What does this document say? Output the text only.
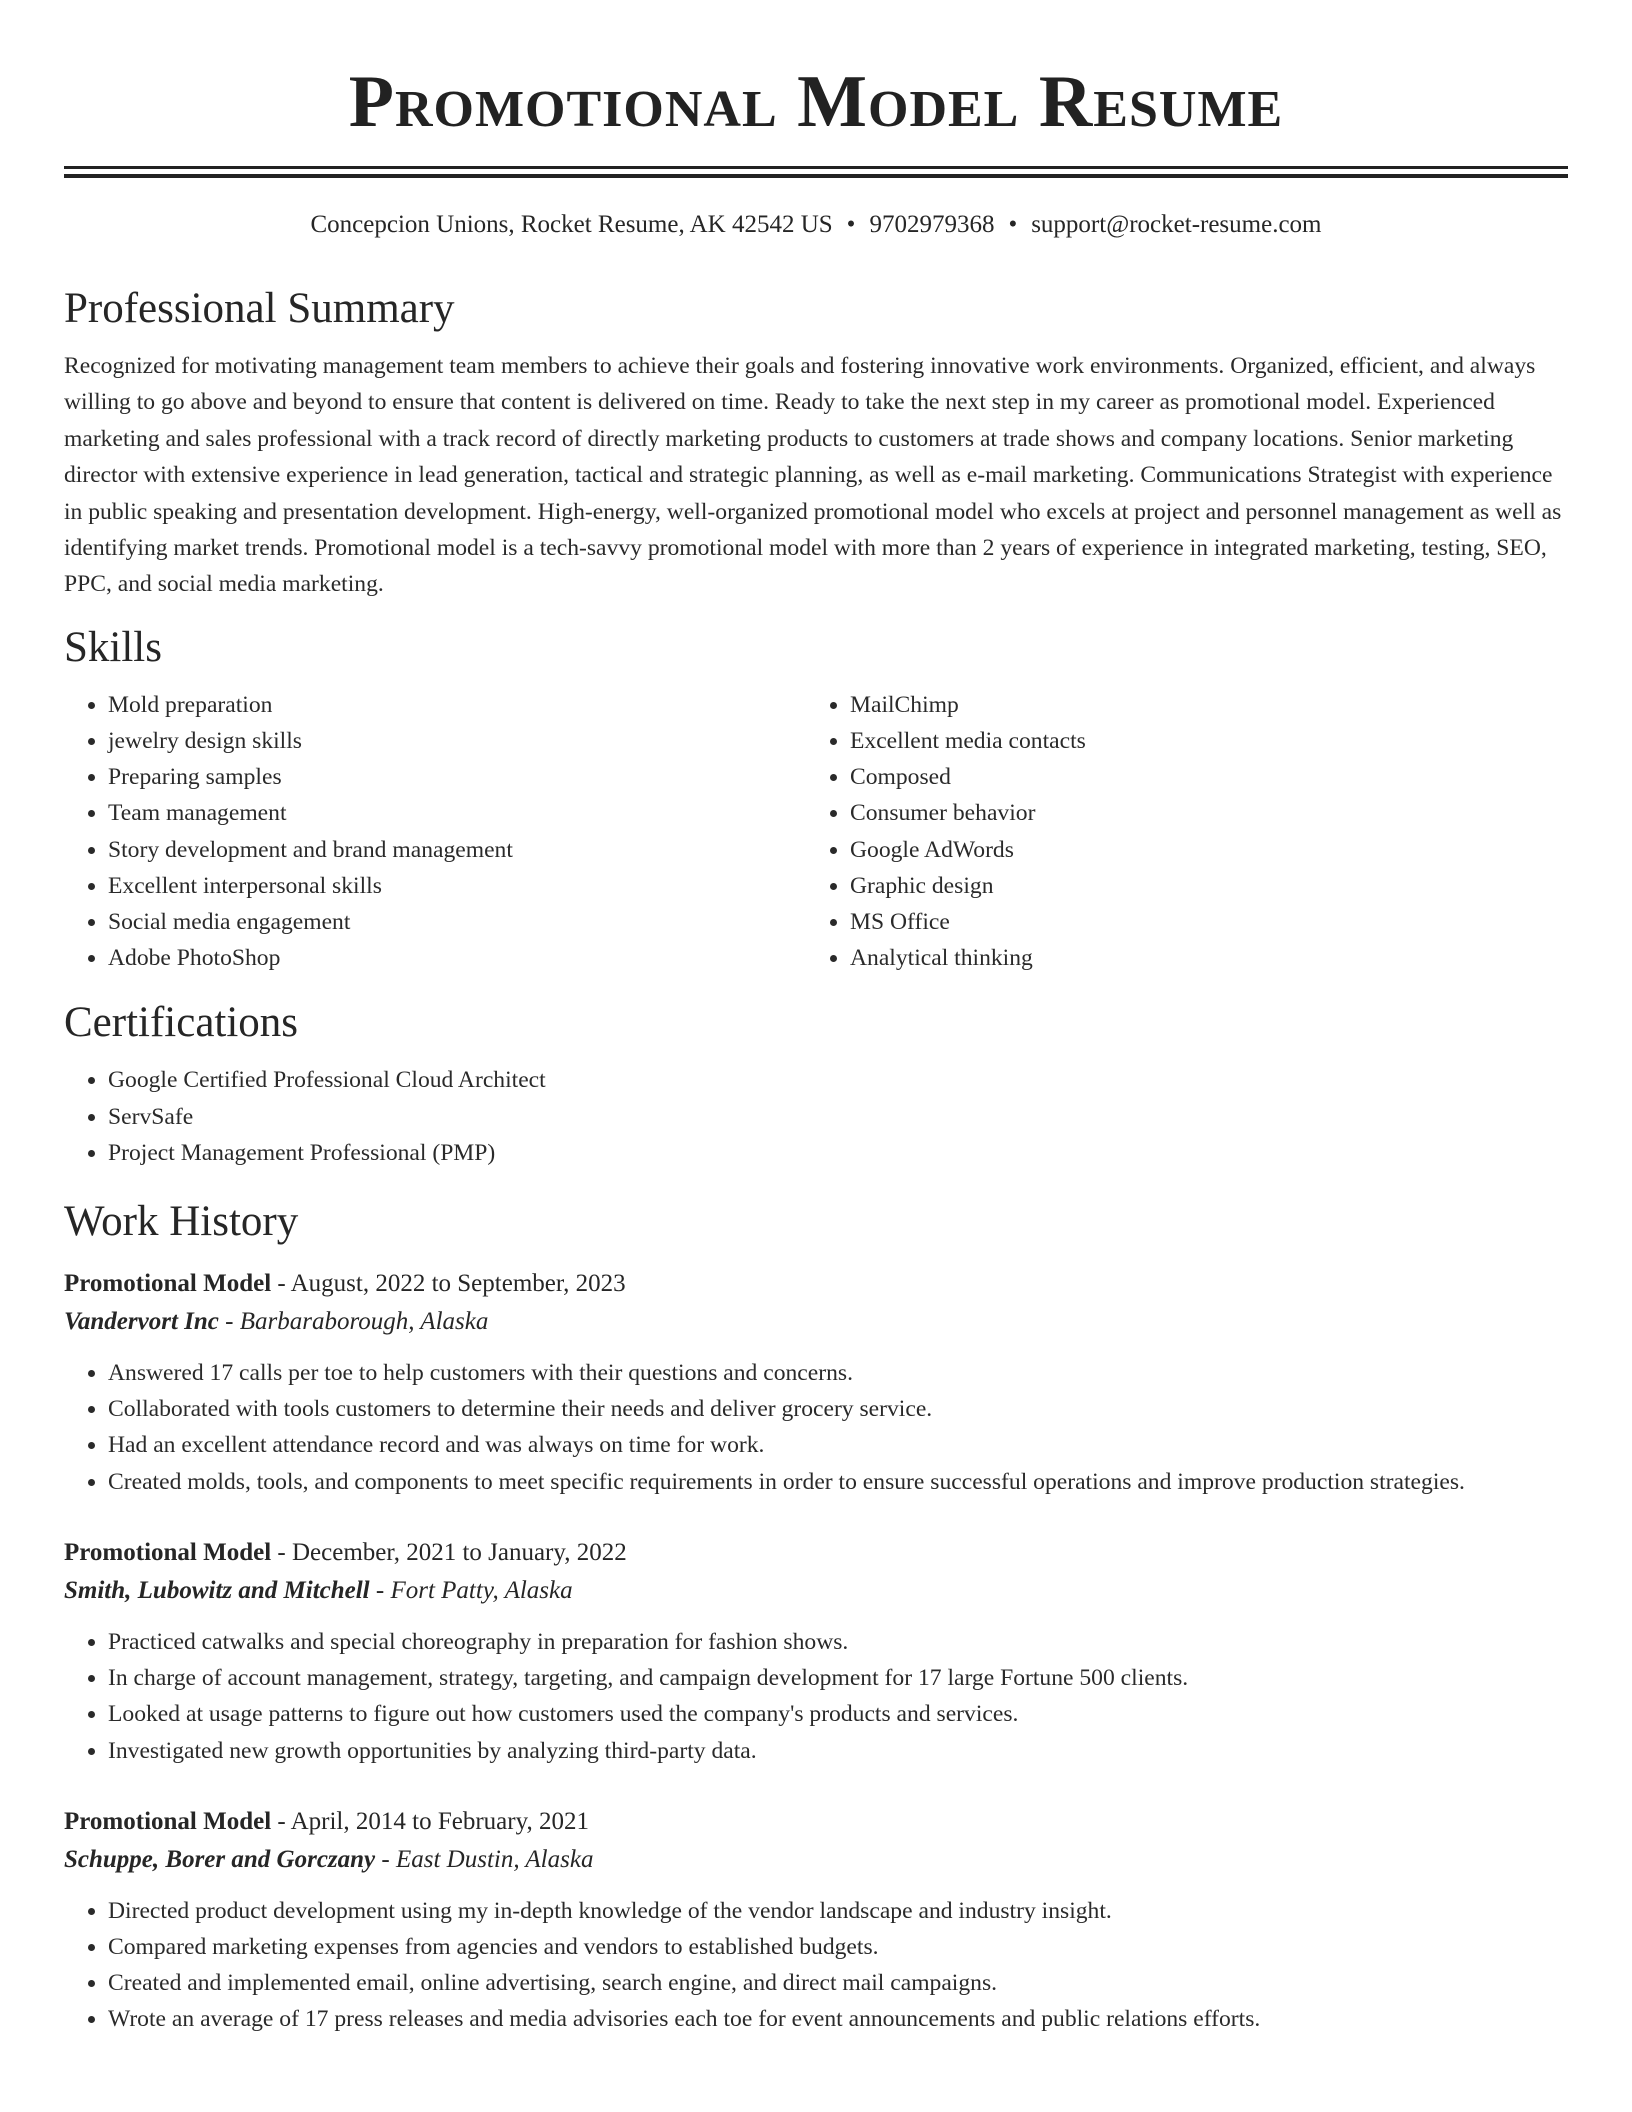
Promotional Model Resume
Concepcion Unions, Rocket Resume, AK 42542 US • 9702979368 • support@rocket-resume.com
Professional Summary

Recognized for motivating management team members to achieve their goals and fostering innovative work environments. Organized, efficient, and always willing to go above and beyond to ensure that content is delivered on time. Ready to take the next step in my career as promotional model. Experienced marketing and sales professional with a track record of directly marketing products to customers at trade shows and company locations. Senior marketing director with extensive experience in lead generation, tactical and strategic planning, as well as e-mail marketing. Communications Strategist with experience in public speaking and presentation development. High-energy, well-organized promotional model who excels at project and personnel management as well as identifying market trends. Promotional model is a tech-savvy promotional model with more than 2 years of experience in integrated marketing, testing, SEO, PPC, and social media marketing.

Skills
• Mold preparation
• jewelry design skills
• Preparing samples
• Team management
• Story development and brand management
• Excellent interpersonal skills
• Social media engagement
• Adobe PhotoShop
• MailChimp
• Excellent media contacts
• Composed
• Consumer behavior
• Google AdWords
• Graphic design
• MS Office
• Analytical thinking
Certifications
• Google Certified Professional Cloud Architect
• ServSafe
• Project Management Professional (PMP)
Work History
Promotional Model - August, 2022 to September, 2023
Vandervort Inc - Barbaraborough, Alaska
• Answered 17 calls per toe to help customers with their questions and concerns.
• Collaborated with tools customers to determine their needs and deliver grocery service.
• Had an excellent attendance record and was always on time for work.
• Created molds, tools, and components to meet specific requirements in order to ensure successful operations and improve production strategies.
Promotional Model - December, 2021 to January, 2022
Smith, Lubowitz and Mitchell - Fort Patty, Alaska
• Practiced catwalks and special choreography in preparation for fashion shows.
• In charge of account management, strategy, targeting, and campaign development for 17 large Fortune 500 clients.
• Looked at usage patterns to figure out how customers used the company's products and services.
• Investigated new growth opportunities by analyzing third-party data.
Promotional Model - April, 2014 to February, 2021
Schuppe, Borer and Gorczany - East Dustin, Alaska
• Directed product development using my in-depth knowledge of the vendor landscape and industry insight.
• Compared marketing expenses from agencies and vendors to established budgets.
• Created and implemented email, online advertising, search engine, and direct mail campaigns.
• Wrote an average of 17 press releases and media advisories each toe for event announcements and public relations efforts.
